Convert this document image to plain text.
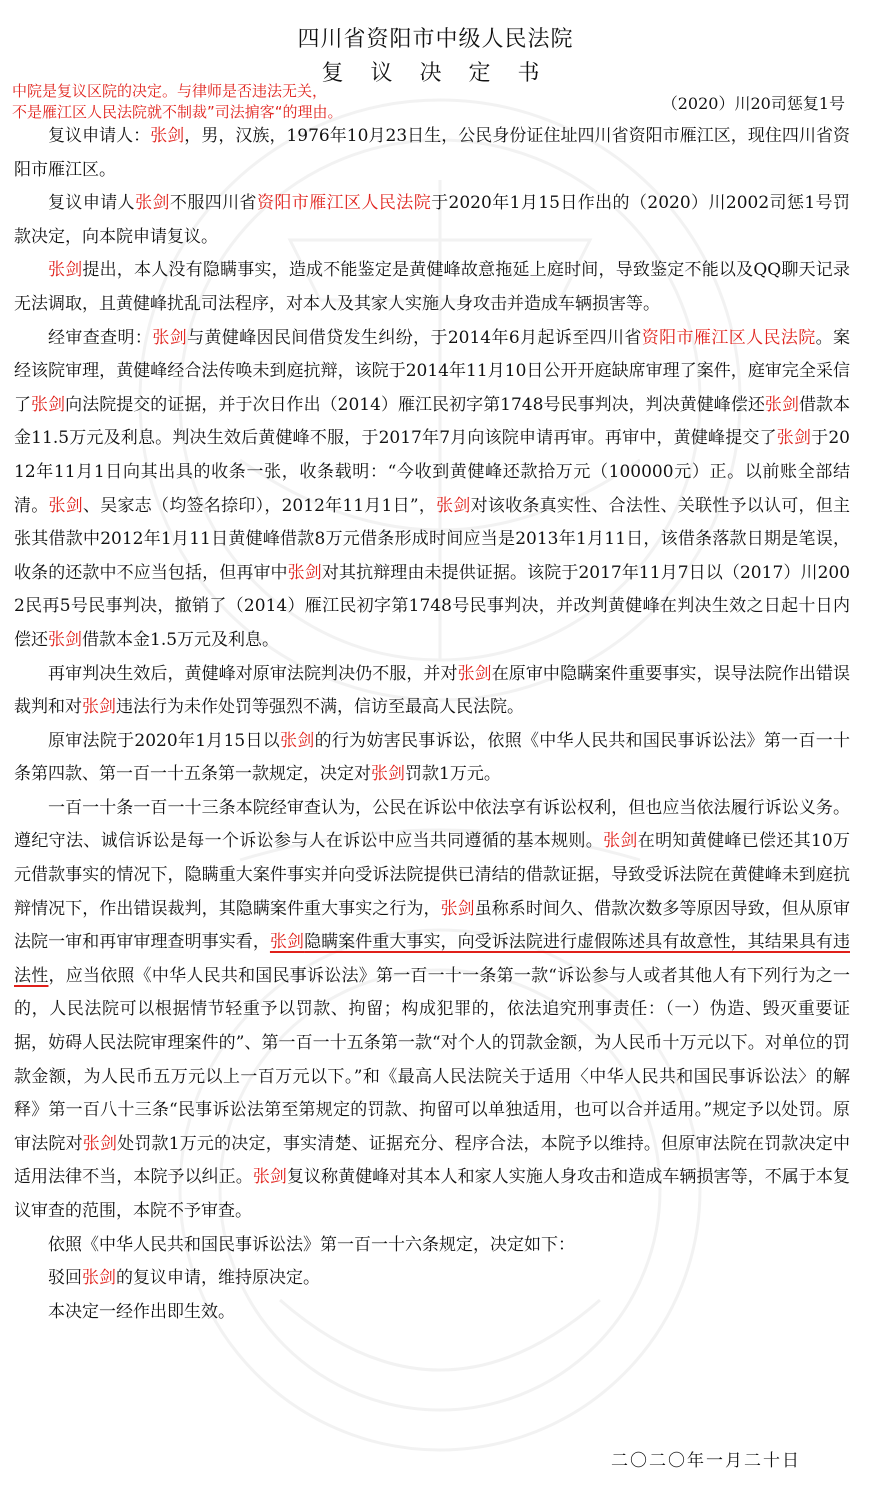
四川省资阳市中级人民法院
复 议 决 定 书
中院是复议区院的决定。与律师是否违法无关，
不是雁江区人民法院就不制裁”司法掮客“的理由。	（2020）川20司惩复1号

复议申请人：张剑，男，汉族，1976年10月23日生，公民身份证住址四川省资阳市雁江区，现住四川省资阳市雁江区。

复议申请人张剑不服四川省资阳市雁江区人民法院于2020年1月15日作出的（2020）川2002司惩1号罚款决定，向本院申请复议。

张剑提出，本人没有隐瞒事实，造成不能鉴定是黄健峰故意拖延上庭时间，导致鉴定不能以及QQ聊天记录无法调取，且黄健峰扰乱司法程序，对本人及其家人实施人身攻击并造成车辆损害等。

经审查查明：张剑与黄健峰因民间借贷发生纠纷，于2014年6月起诉至四川省资阳市雁江区人民法院。案经该院审理，黄健峰经合法传唤未到庭抗辩，该院于2014年11月10日公开开庭缺席审理了案件，庭审完全采信了张剑向法院提交的证据，并于次日作出（2014）雁江民初字第1748号民事判决，判决黄健峰偿还张剑借款本金11.5万元及利息。判决生效后黄健峰不服，于2017年7月向该院申请再审。再审中，黄健峰提交了张剑于2012年11月1日向其出具的收条一张，收条载明：“今收到黄健峰还款拾万元（100000元）正。以前账全部结清。张剑、吴家志（均签名捺印），2012年11月1日”，张剑对该收条真实性、合法性、关联性予以认可，但主张其借款中2012年1月11日黄健峰借款8万元借条形成时间应当是2013年1月11日，该借条落款日期是笔误，收条的还款中不应当包括，但再审中张剑对其抗辩理由未提供证据。该院于2017年11月7日以（2017）川2002民再5号民事判决，撤销了（2014）雁江民初字第1748号民事判决，并改判黄健峰在判决生效之日起十日内偿还张剑借款本金1.5万元及利息。

再审判决生效后，黄健峰对原审法院判决仍不服，并对张剑在原审中隐瞒案件重要事实，误导法院作出错误裁判和对张剑违法行为未作处罚等强烈不满，信访至最高人民法院。

原审法院于2020年1月15日以张剑的行为妨害民事诉讼，依照《中华人民共和国民事诉讼法》第一百一十条第四款、第一百一十五条第一款规定，决定对张剑罚款1万元。

一百一十条一百一十三条本院经审查认为，公民在诉讼中依法享有诉讼权利，但也应当依法履行诉讼义务。遵纪守法、诚信诉讼是每一个诉讼参与人在诉讼中应当共同遵循的基本规则。张剑在明知黄健峰已偿还其10万元借款事实的情况下，隐瞒重大案件事实并向受诉法院提供已清结的借款证据，导致受诉法院在黄健峰未到庭抗辩情况下，作出错误裁判，其隐瞒案件重大事实之行为，张剑虽称系时间久、借款次数多等原因导致，但从原审法院一审和再审审理查明事实看，张剑隐瞒案件重大事实，向受诉法院进行虚假陈述具有故意性，其结果具有违法性，应当依照《中华人民共和国民事诉讼法》第一百一十一条第一款“诉讼参与人或者其他人有下列行为之一的，人民法院可以根据情节轻重予以罚款、拘留；构成犯罪的，依法追究刑事责任：（一）伪造、毁灭重要证据，妨碍人民法院审理案件的”、第一百一十五条第一款“对个人的罚款金额，为人民币十万元以下。对单位的罚款金额，为人民币五万元以上一百万元以下。”和《最高人民法院关于适用〈中华人民共和国民事诉讼法〉的解释》第一百八十三条“民事诉讼法第至第规定的罚款、拘留可以单独适用，也可以合并适用。”规定予以处罚。原审法院对张剑处罚款1万元的决定，事实清楚、证据充分、程序合法，本院予以维持。但原审法院在罚款决定中适用法律不当，本院予以纠正。张剑复议称黄健峰对其本人和家人实施人身攻击和造成车辆损害等，不属于本复议审查的范围，本院不予审查。

依照《中华人民共和国民事诉讼法》第一百一十六条规定，决定如下：

驳回张剑的复议申请，维持原决定。

本决定一经作出即生效。

二〇二〇年一月二十日
